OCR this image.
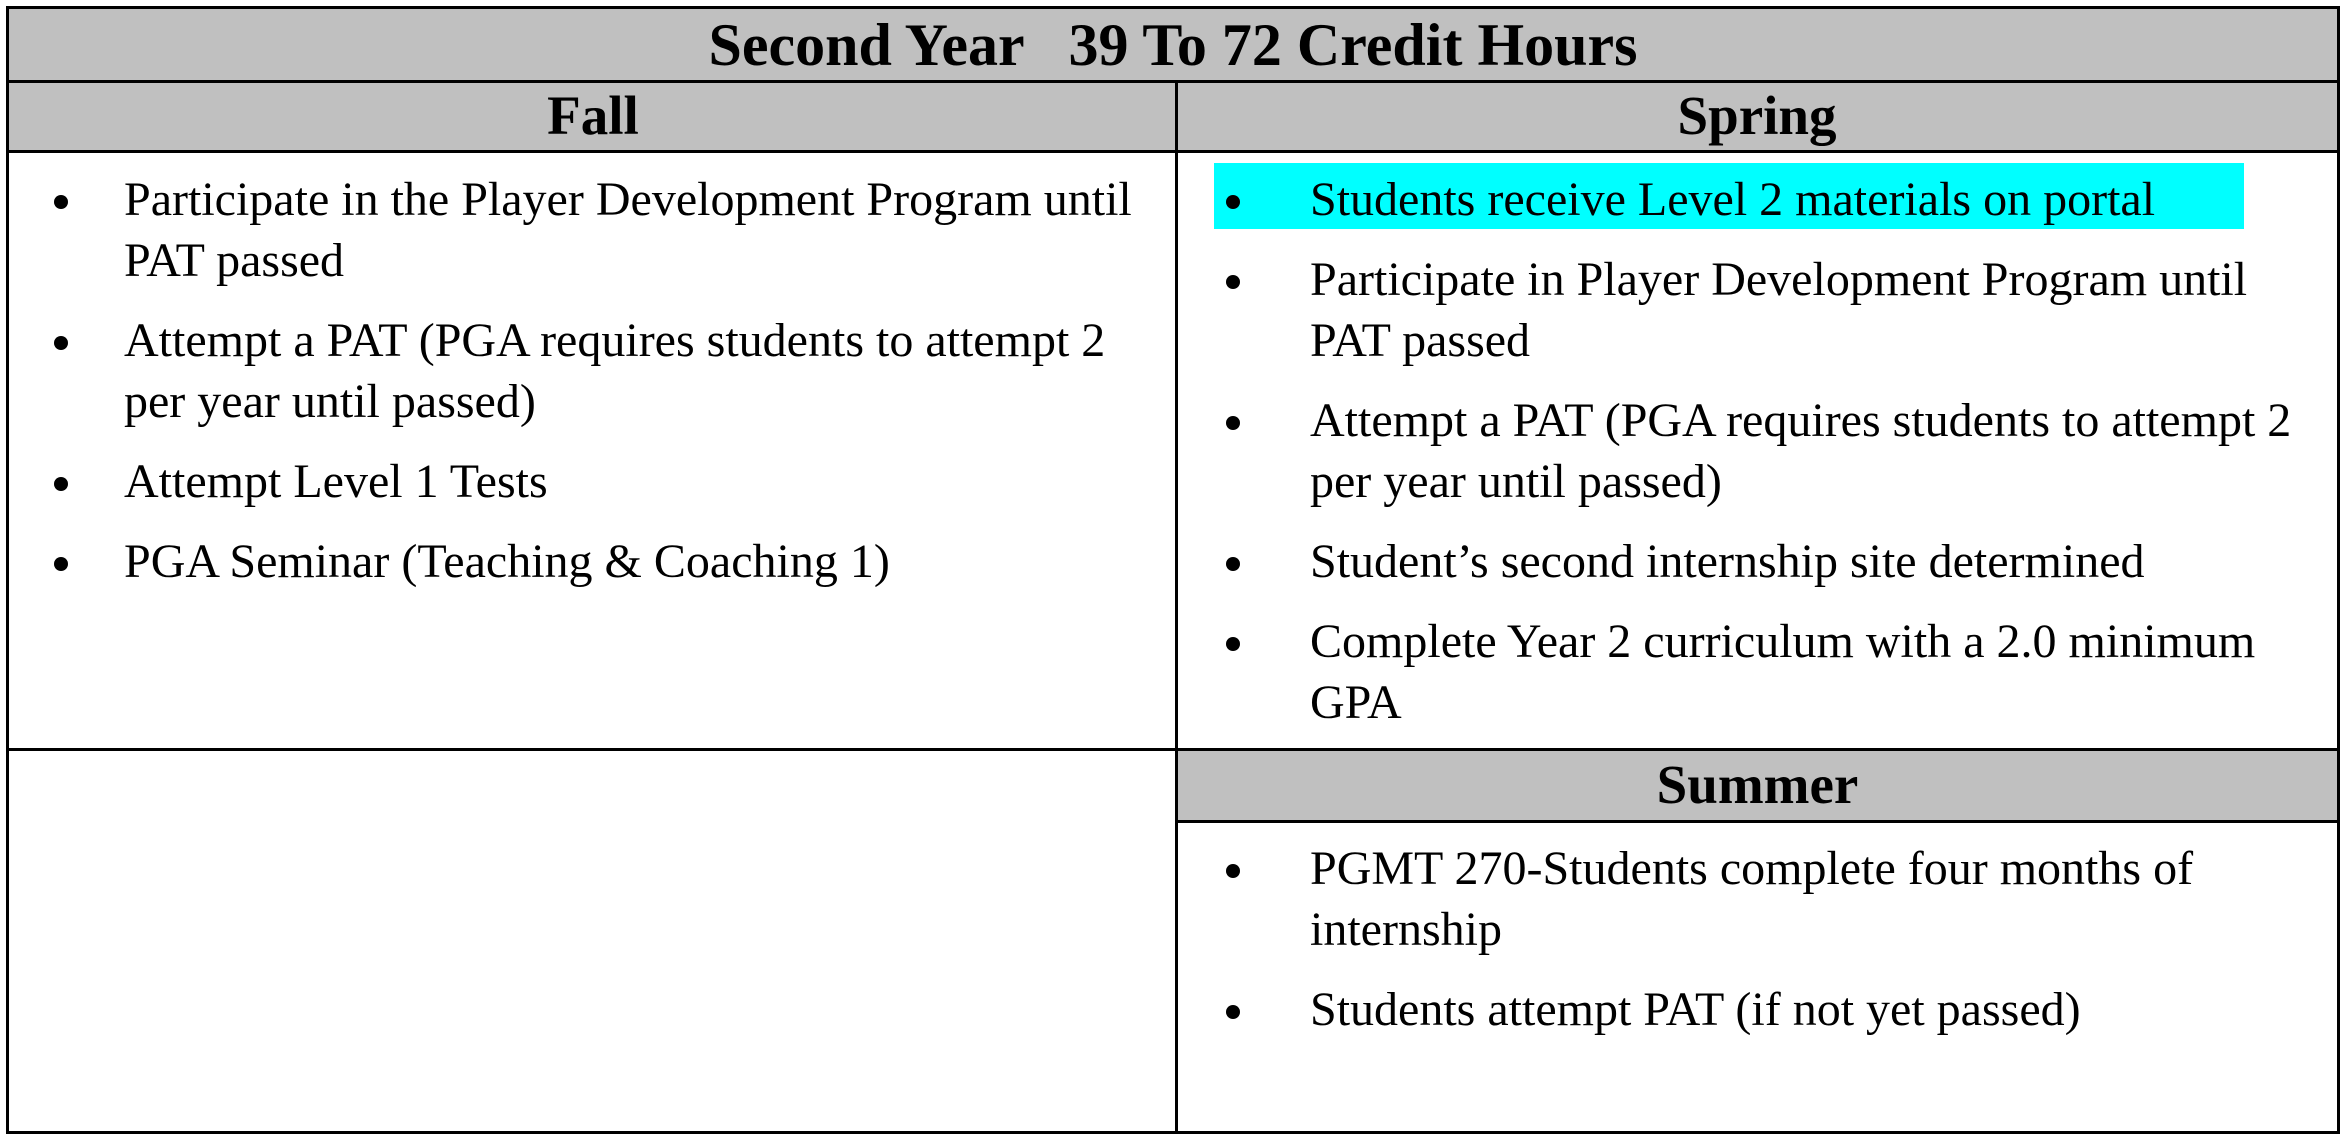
Second Year   39 To 72 Credit Hours
Fall	Spring
Summer
Participate in the Player Development Program until PAT passed
Attempt a PAT (PGA requires students to attempt 2 per year until passed)
Attempt Level 1 Tests
PGA Seminar (Teaching & Coaching 1)
Students receive Level 2 materials on portal
Participate in Player Development Program until PAT passed
Attempt a PAT (PGA requires students to attempt 2 per year until passed)
Student’s second internship site determined
Complete Year 2 curriculum with a 2.0 minimum GPA
PGMT 270-Students complete four months of internship
Students attempt PAT (if not yet passed)
